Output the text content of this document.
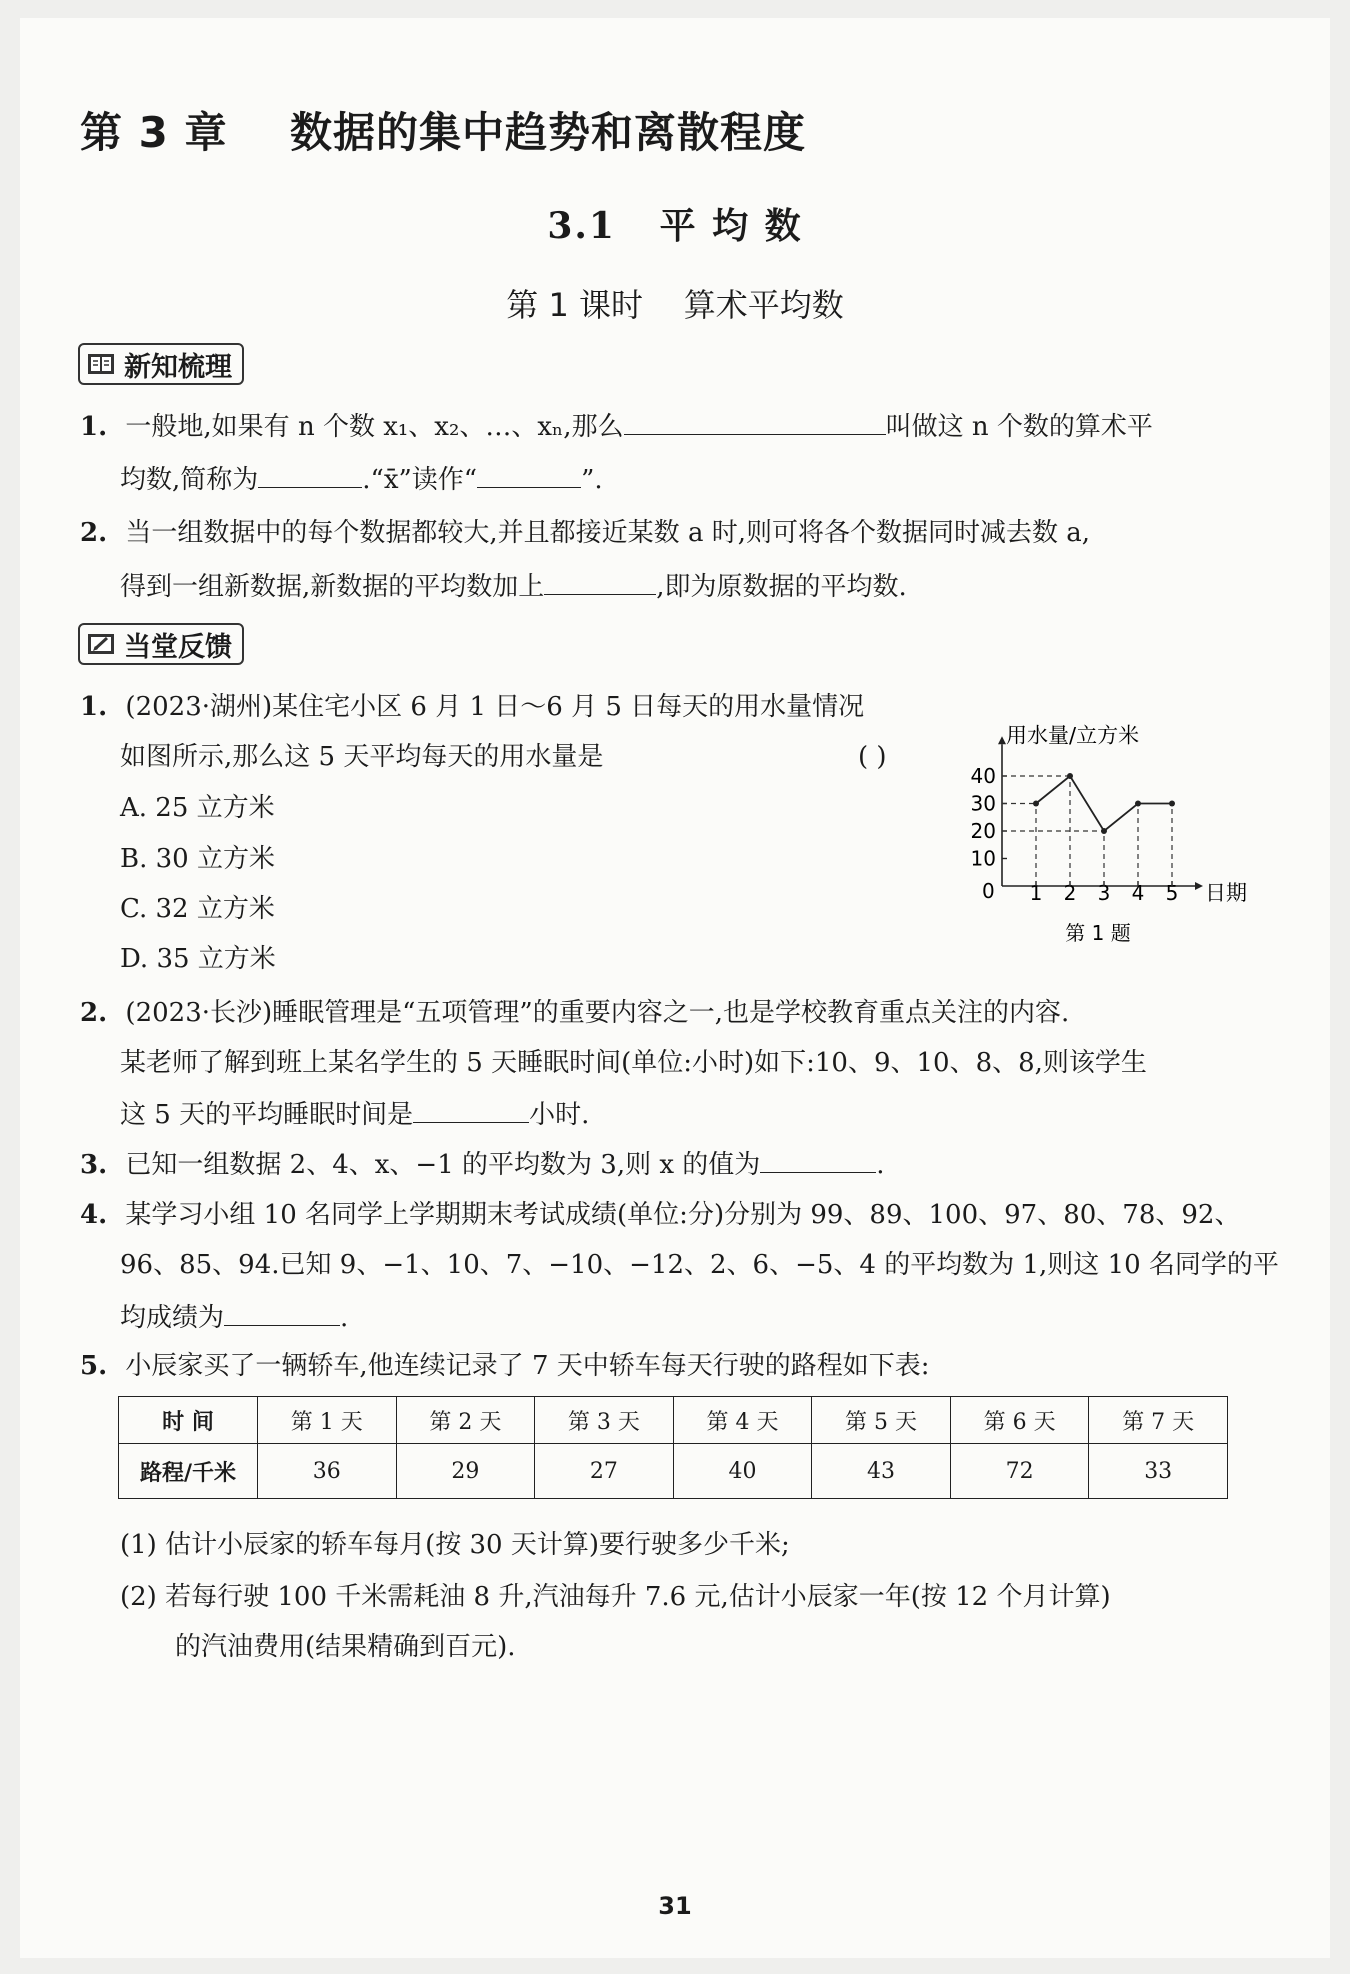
第 3 章    数据的集中趋势和离散程度
3.1   平 均 数
第 1 课时    算术平均数
新知梳理
1. 一般地,如果有 n 个数 x₁、x₂、…、xₙ,那么	叫做这 n 个数的算术平
均数,简称为	.“x̄”读作“	”.
2. 当一组数据中的每个数据都较大,并且都接近某数 a 时,则可将各个数据同时减去数 a,
得到一组新数据,新数据的平均数加上	,即为原数据的平均数.
当堂反馈
1. (2023·湖州)某住宅小区 6 月 1 日～6 月 5 日每天的用水量情况
如图所示,那么这 5 天平均每天的用水量是	( )
A. 25 立方米
B. 30 立方米
C. 32 立方米
D. 35 立方米
用水量/立方米
日期
0
10
20
30
40
1 2 3 4 5
第 1 题
2. (2023·长沙)睡眠管理是“五项管理”的重要内容之一,也是学校教育重点关注的内容.
某老师了解到班上某名学生的 5 天睡眠时间(单位:小时)如下:10、9、10、8、8,则该学生
这 5 天的平均睡眠时间是	小时.
3. 已知一组数据 2、4、x、−1 的平均数为 3,则 x 的值为	.
4. 某学习小组 10 名同学上学期期末考试成绩(单位:分)分别为 99、89、100、97、80、78、92、
96、85、94.已知 9、−1、10、7、−10、−12、2、6、−5、4 的平均数为 1,则这 10 名同学的平
均成绩为	.
5. 小辰家买了一辆轿车,他连续记录了 7 天中轿车每天行驶的路程如下表:
时 间	第 1 天	第 2 天	第 3 天	第 4 天	第 5 天	第 6 天	第 7 天
路程/千米	36	29	27	40	43	72	33
(1) 估计小辰家的轿车每月(按 30 天计算)要行驶多少千米;
(2) 若每行驶 100 千米需耗油 8 升,汽油每升 7.6 元,估计小辰家一年(按 12 个月计算)
的汽油费用(结果精确到百元).
31
